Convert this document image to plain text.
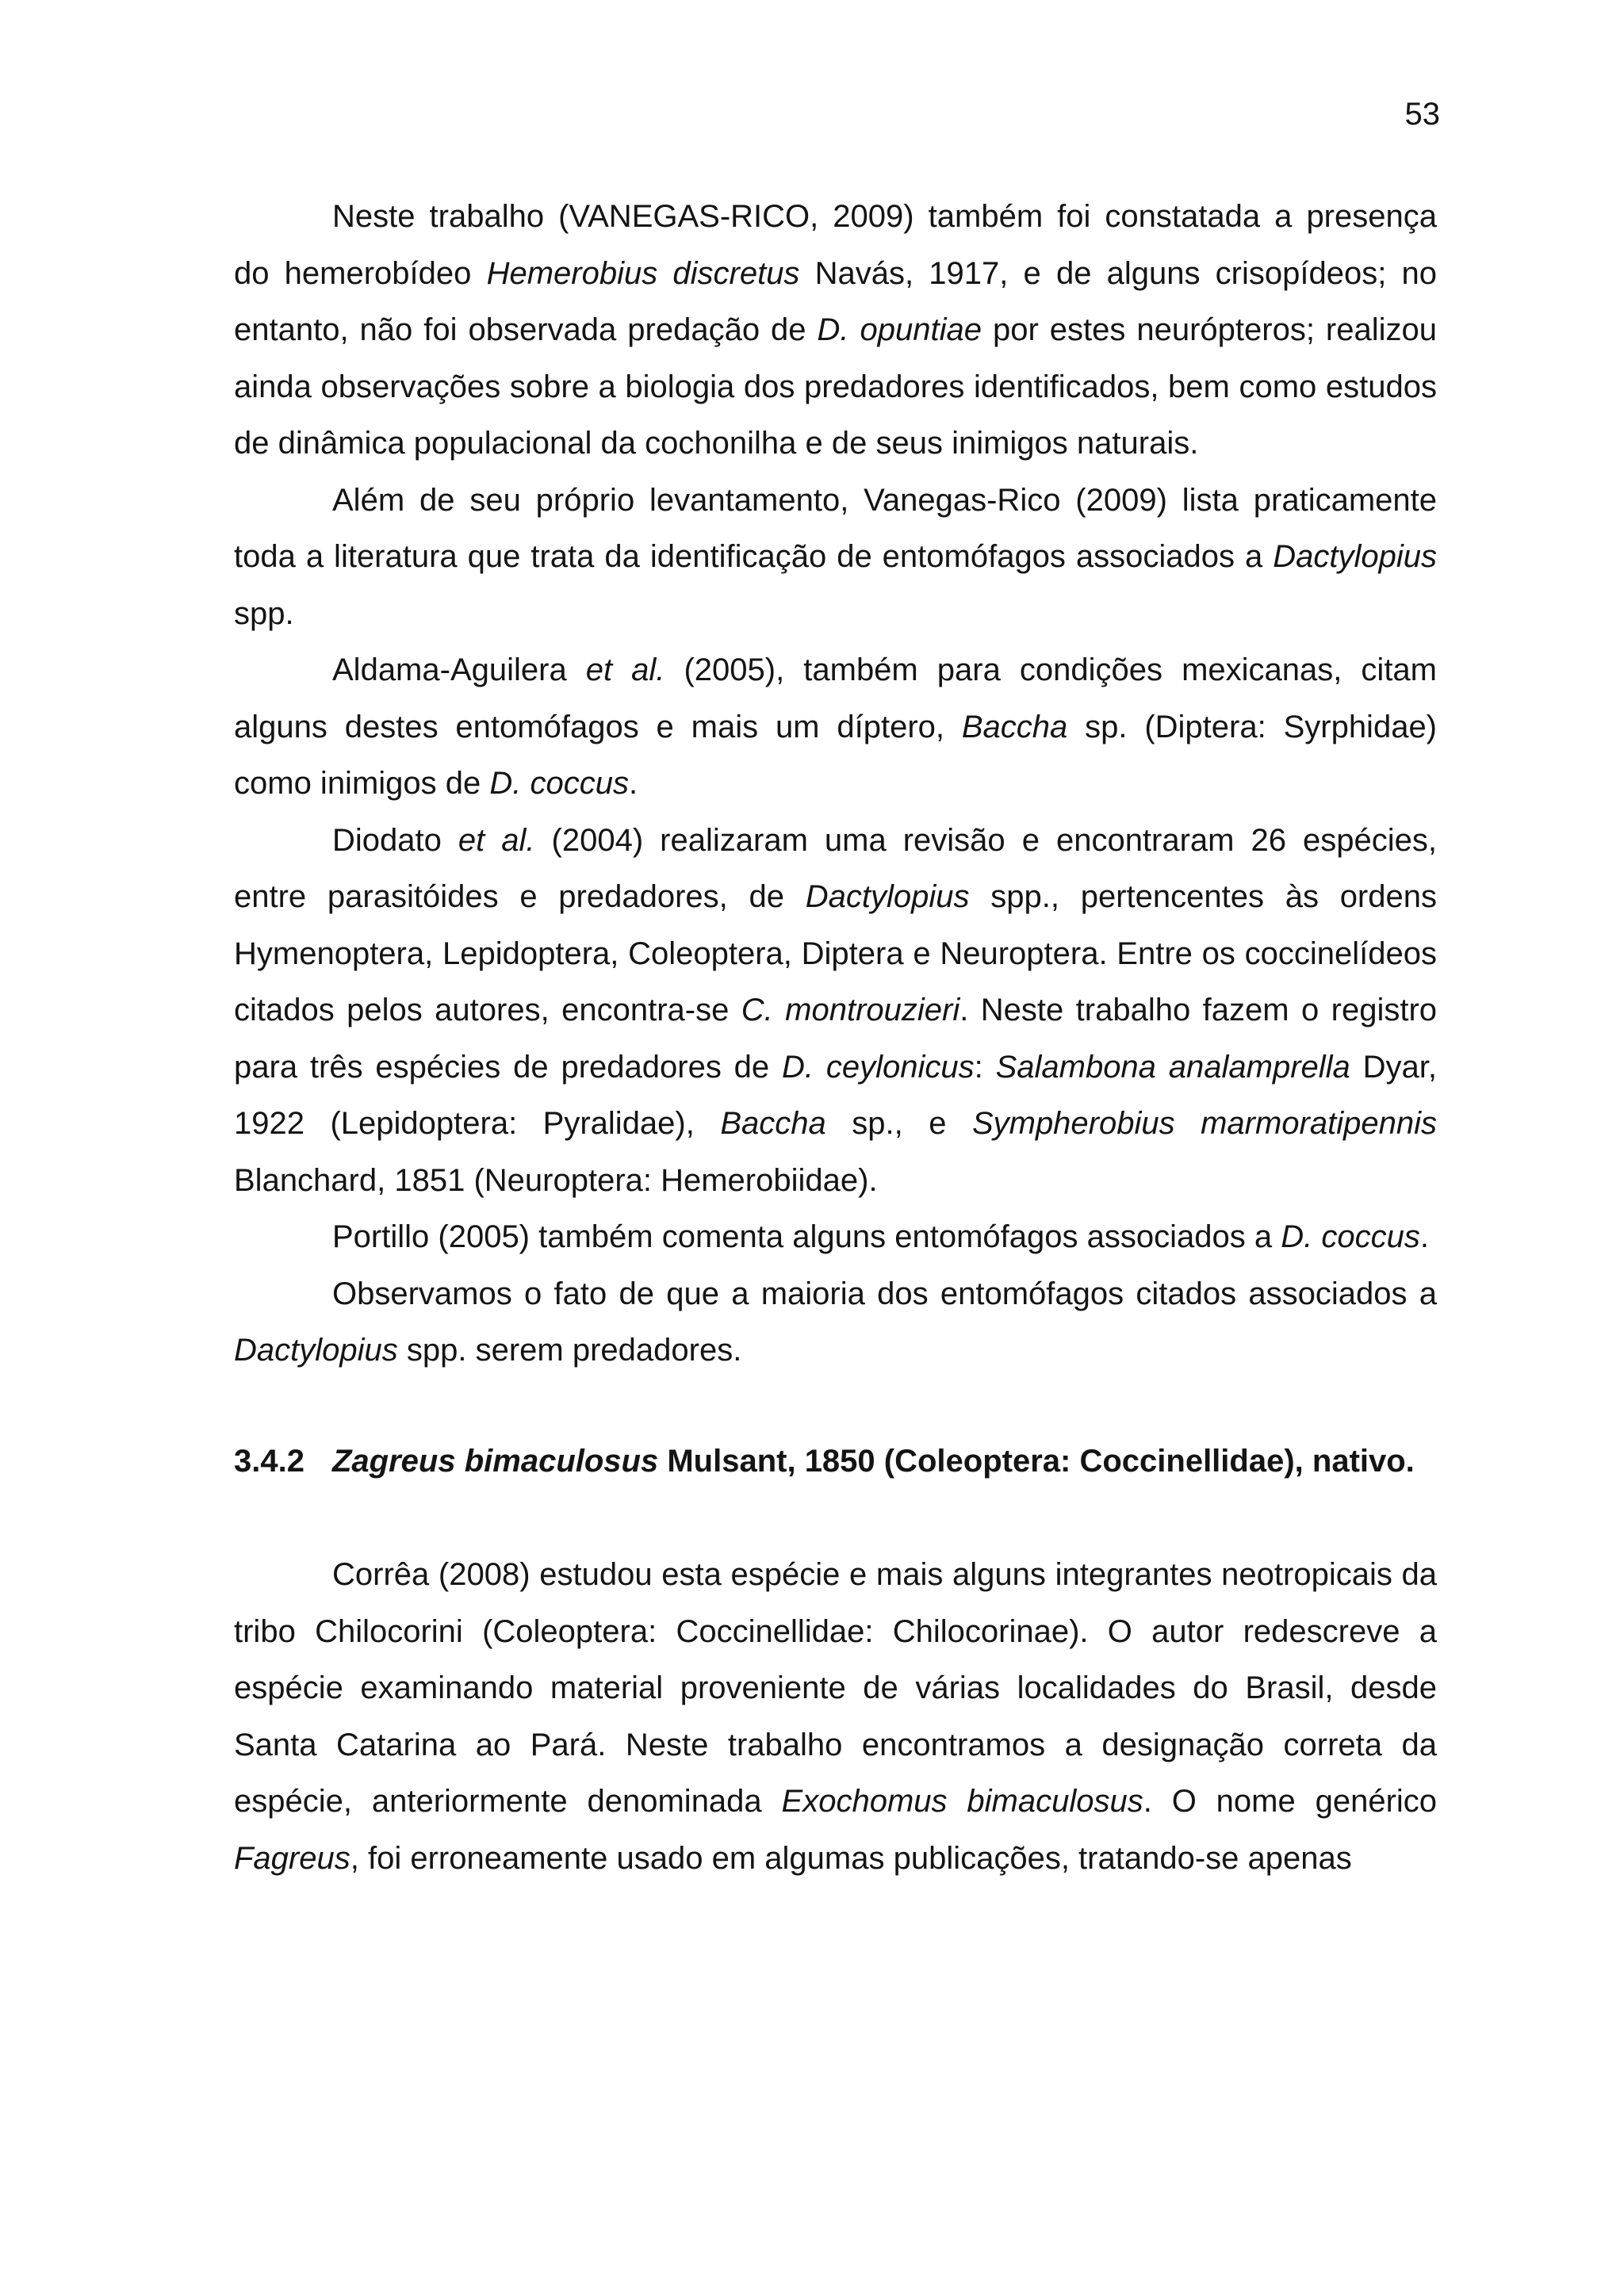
53

Neste trabalho (VANEGAS-RICO, 2009) também foi constatada a presença do hemerobídeo Hemerobius discretus Navás, 1917, e de alguns crisopídeos; no entanto, não foi observada predação de D. opuntiae por estes neurópteros; realizou ainda observações sobre a biologia dos predadores identificados, bem como estudos de dinâmica populacional da cochonilha e de seus inimigos naturais.

Além de seu próprio levantamento, Vanegas-Rico (2009) lista praticamente toda a literatura que trata da identificação de entomófagos associados a Dactylopius spp.

Aldama-Aguilera et al. (2005), também para condições mexicanas, citam alguns destes entomófagos e mais um díptero, Baccha sp. (Diptera: Syrphidae) como inimigos de D. coccus.

Diodato et al. (2004) realizaram uma revisão e encontraram 26 espécies, entre parasitóides e predadores, de Dactylopius spp., pertencentes às ordens Hymenoptera, Lepidoptera, Coleoptera, Diptera e Neuroptera. Entre os coccinelídeos citados pelos autores, encontra-se C. montrouzieri. Neste trabalho fazem o registro para três espécies de predadores de D. ceylonicus: Salambona analamprella Dyar, 1922 (Lepidoptera: Pyralidae), Baccha sp., e Sympherobius marmoratipennis Blanchard, 1851 (Neuroptera: Hemerobiidae).

Portillo (2005) também comenta alguns entomófagos associados a D. coccus.

Observamos o fato de que a maioria dos entomófagos citados associados a Dactylopius spp. serem predadores.

3.4.2 Zagreus bimaculosus Mulsant, 1850 (Coleoptera: Coccinellidae), nativo.

Corrêa (2008) estudou esta espécie e mais alguns integrantes neotropicais da tribo Chilocorini (Coleoptera: Coccinellidae: Chilocorinae). O autor redescreve a espécie examinando material proveniente de várias localidades do Brasil, desde Santa Catarina ao Pará. Neste trabalho encontramos a designação correta da espécie, anteriormente denominada Exochomus bimaculosus. O nome genérico Fagreus, foi erroneamente usado em algumas publicações, tratando-se apenas
